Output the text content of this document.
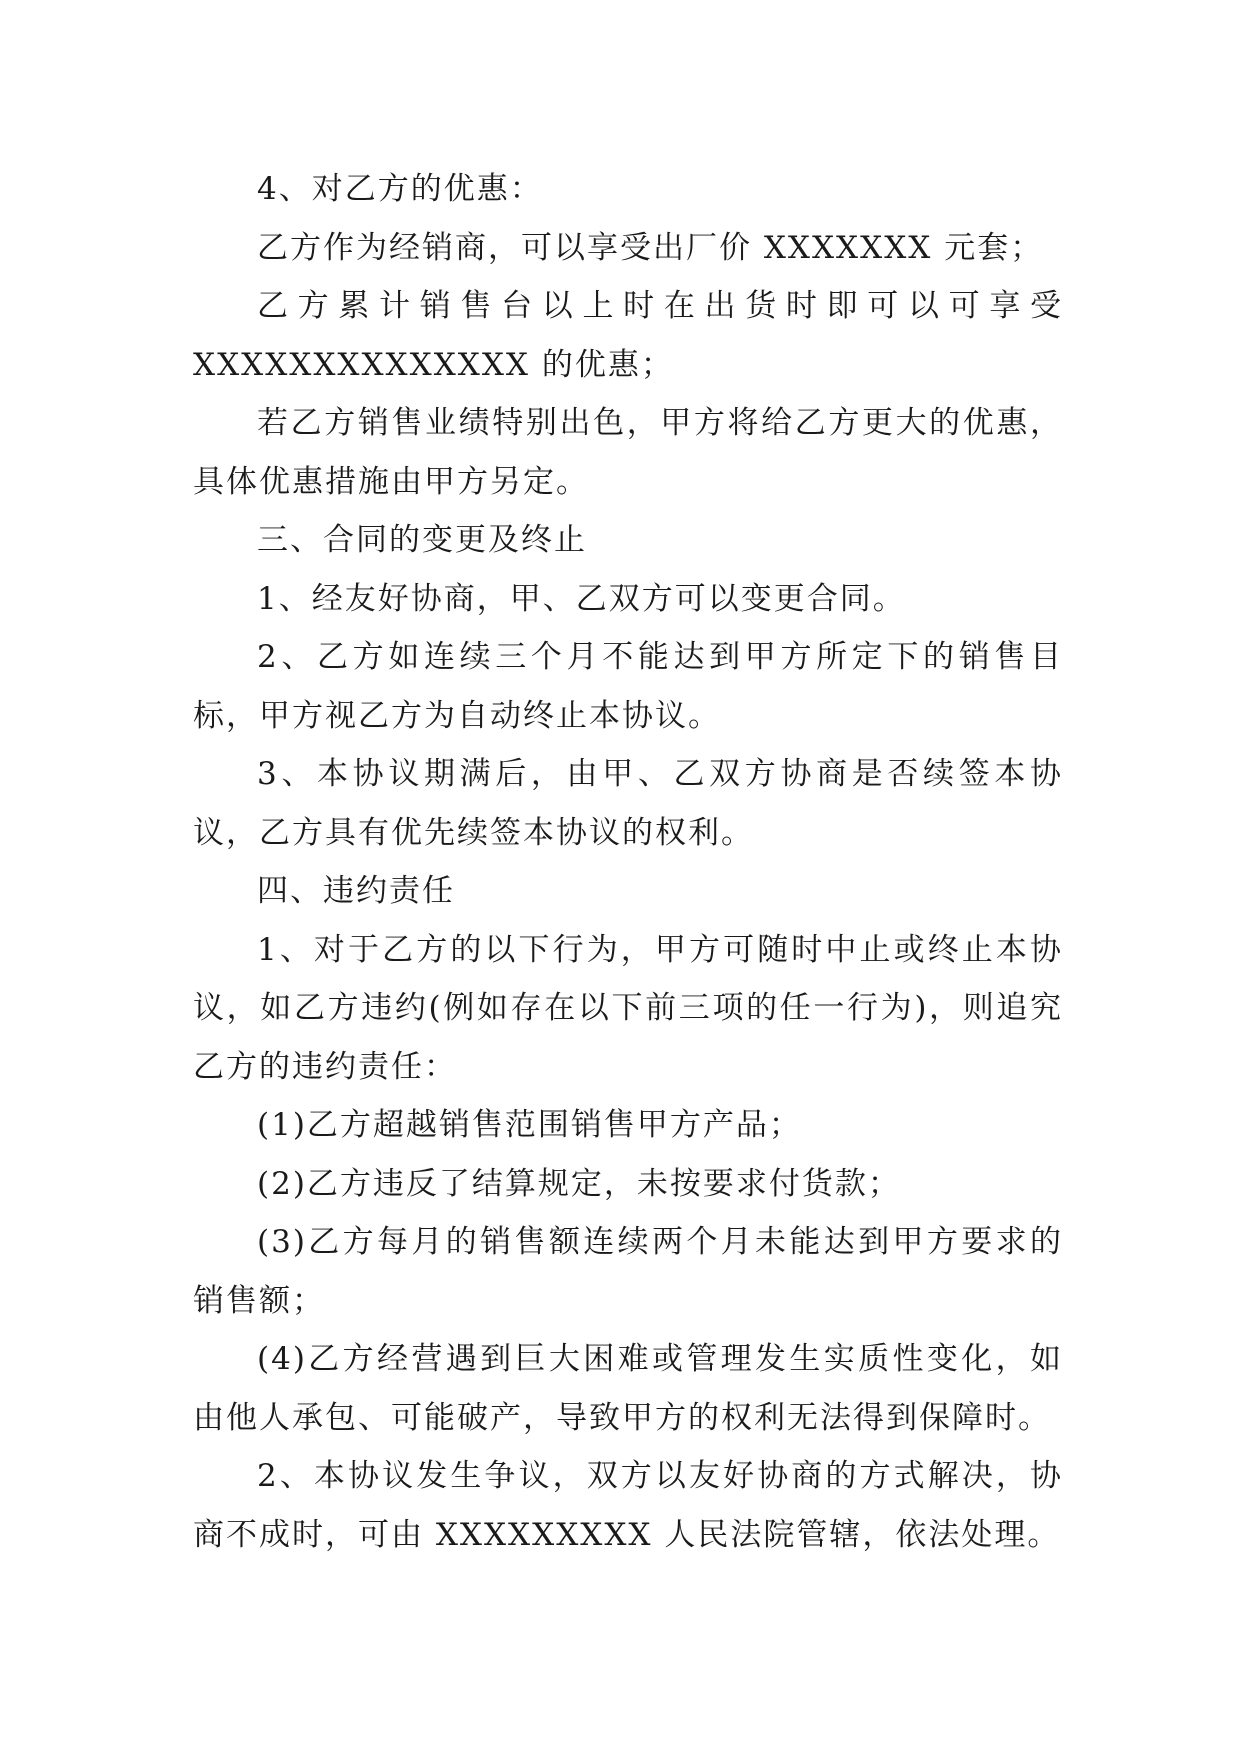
4、对乙方的优惠：

乙方作为经销商，可以享受出厂价 XXXXXXX 元套；

乙方累计销售台以上时在出货时即可以可享受 XXXXXXXXXXXXXX 的优惠；

若乙方销售业绩特别出色，甲方将给乙方更大的优惠，具体优惠措施由甲方另定。

三、合同的变更及终止

1、经友好协商，甲、乙双方可以变更合同。

2、乙方如连续三个月不能达到甲方所定下的销售目标，甲方视乙方为自动终止本协议。

3、本协议期满后，由甲、乙双方协商是否续签本协议，乙方具有优先续签本协议的权利。

四、违约责任

1、对于乙方的以下行为，甲方可随时中止或终止本协议，如乙方违约(例如存在以下前三项的任一行为)，则追究乙方的违约责任：

(1)乙方超越销售范围销售甲方产品；

(2)乙方违反了结算规定，未按要求付货款；

(3)乙方每月的销售额连续两个月未能达到甲方要求的销售额；

(4)乙方经营遇到巨大困难或管理发生实质性变化，如由他人承包、可能破产，导致甲方的权利无法得到保障时。

2、本协议发生争议，双方以友好协商的方式解决，协商不成时，可由 XXXXXXXXX 人民法院管辖，依法处理。
